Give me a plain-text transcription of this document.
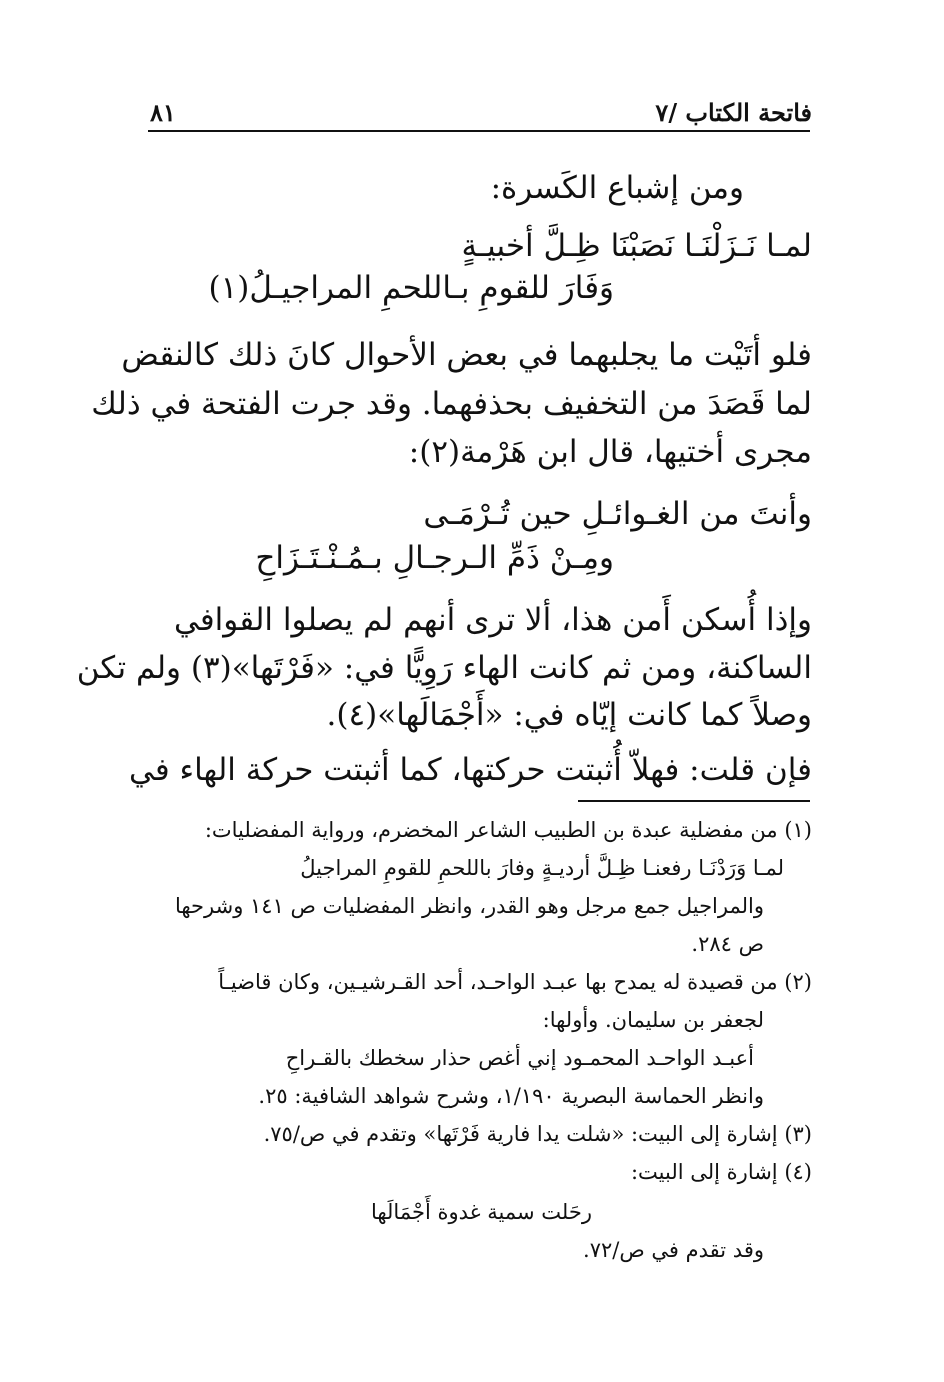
فاتحة الكتاب /٧
٨١
ومن إشباع الكَسرة:
لمـا نَـزَلْنَـا نَصَبْنَا ظِـلَّ أخبيـةٍ
وَفَارَ للقومِ بـاللحمِ المراجيـلُ(١)
فلو أتَيْت ما يجلبهما في بعض الأحوال كانَ ذلك كالنقض
لما قَصَدَ من التخفيف بحذفهما. وقد جرت الفتحة في ذلك
مجرى أختيها، قال ابن هَرْمة(٢):
وأنتَ من الغـوائـلِ حين تُـرْمَـى
ومِـنْ ذَمِّ الـرجـالِ بـمُـنْـتَـزَاحِ
وإذا أُسكن أَمن هذا، ألا ترى أنهم لم يصلوا القوافي
الساكنة، ومن ثم كانت الهاء رَوِيًّا في: «فَرْتَها»(٣) ولم تكن
وصلاً كما كانت إيّاه في: «أَجْمَالَها»(٤).
فإن قلت: فهلاّ أُثبتت حركتها، كما أثبتت حركة الهاء في
(١) من مفضلية عبدة بن الطبيب الشاعر المخضرم، ورواية المفضليات:
لمـا وَرَدْنَـا رفعنـا ظِـلَّ أرديـةٍ وفارَ باللحمِ للقومِ المراجيلُ
والمراجيل جمع مرجل وهو القدر، وانظر المفضليات ص ١٤١ وشرحها
ص ٢٨٤.
(٢) من قصيدة له يمدح بها عبـد الواحـد، أحد القـرشيـين، وكان قاضيـاً
لجعفر بن سليمان. وأولها:
أعبـد الواحـد المحمـود إني أغص حذار سخطك بالقـراحِ
وانظر الحماسة البصرية ١/١٩٠، وشرح شواهد الشافية: ٢٥.
(٣) إشارة إلى البيت: «شلت يدا فارية فَرْتَها» وتقدم في ص/٧٥.
(٤) إشارة إلى البيت:
رحَلت سمية غدوة أَجْمَالَها
وقد تقدم في ص/٧٢.
